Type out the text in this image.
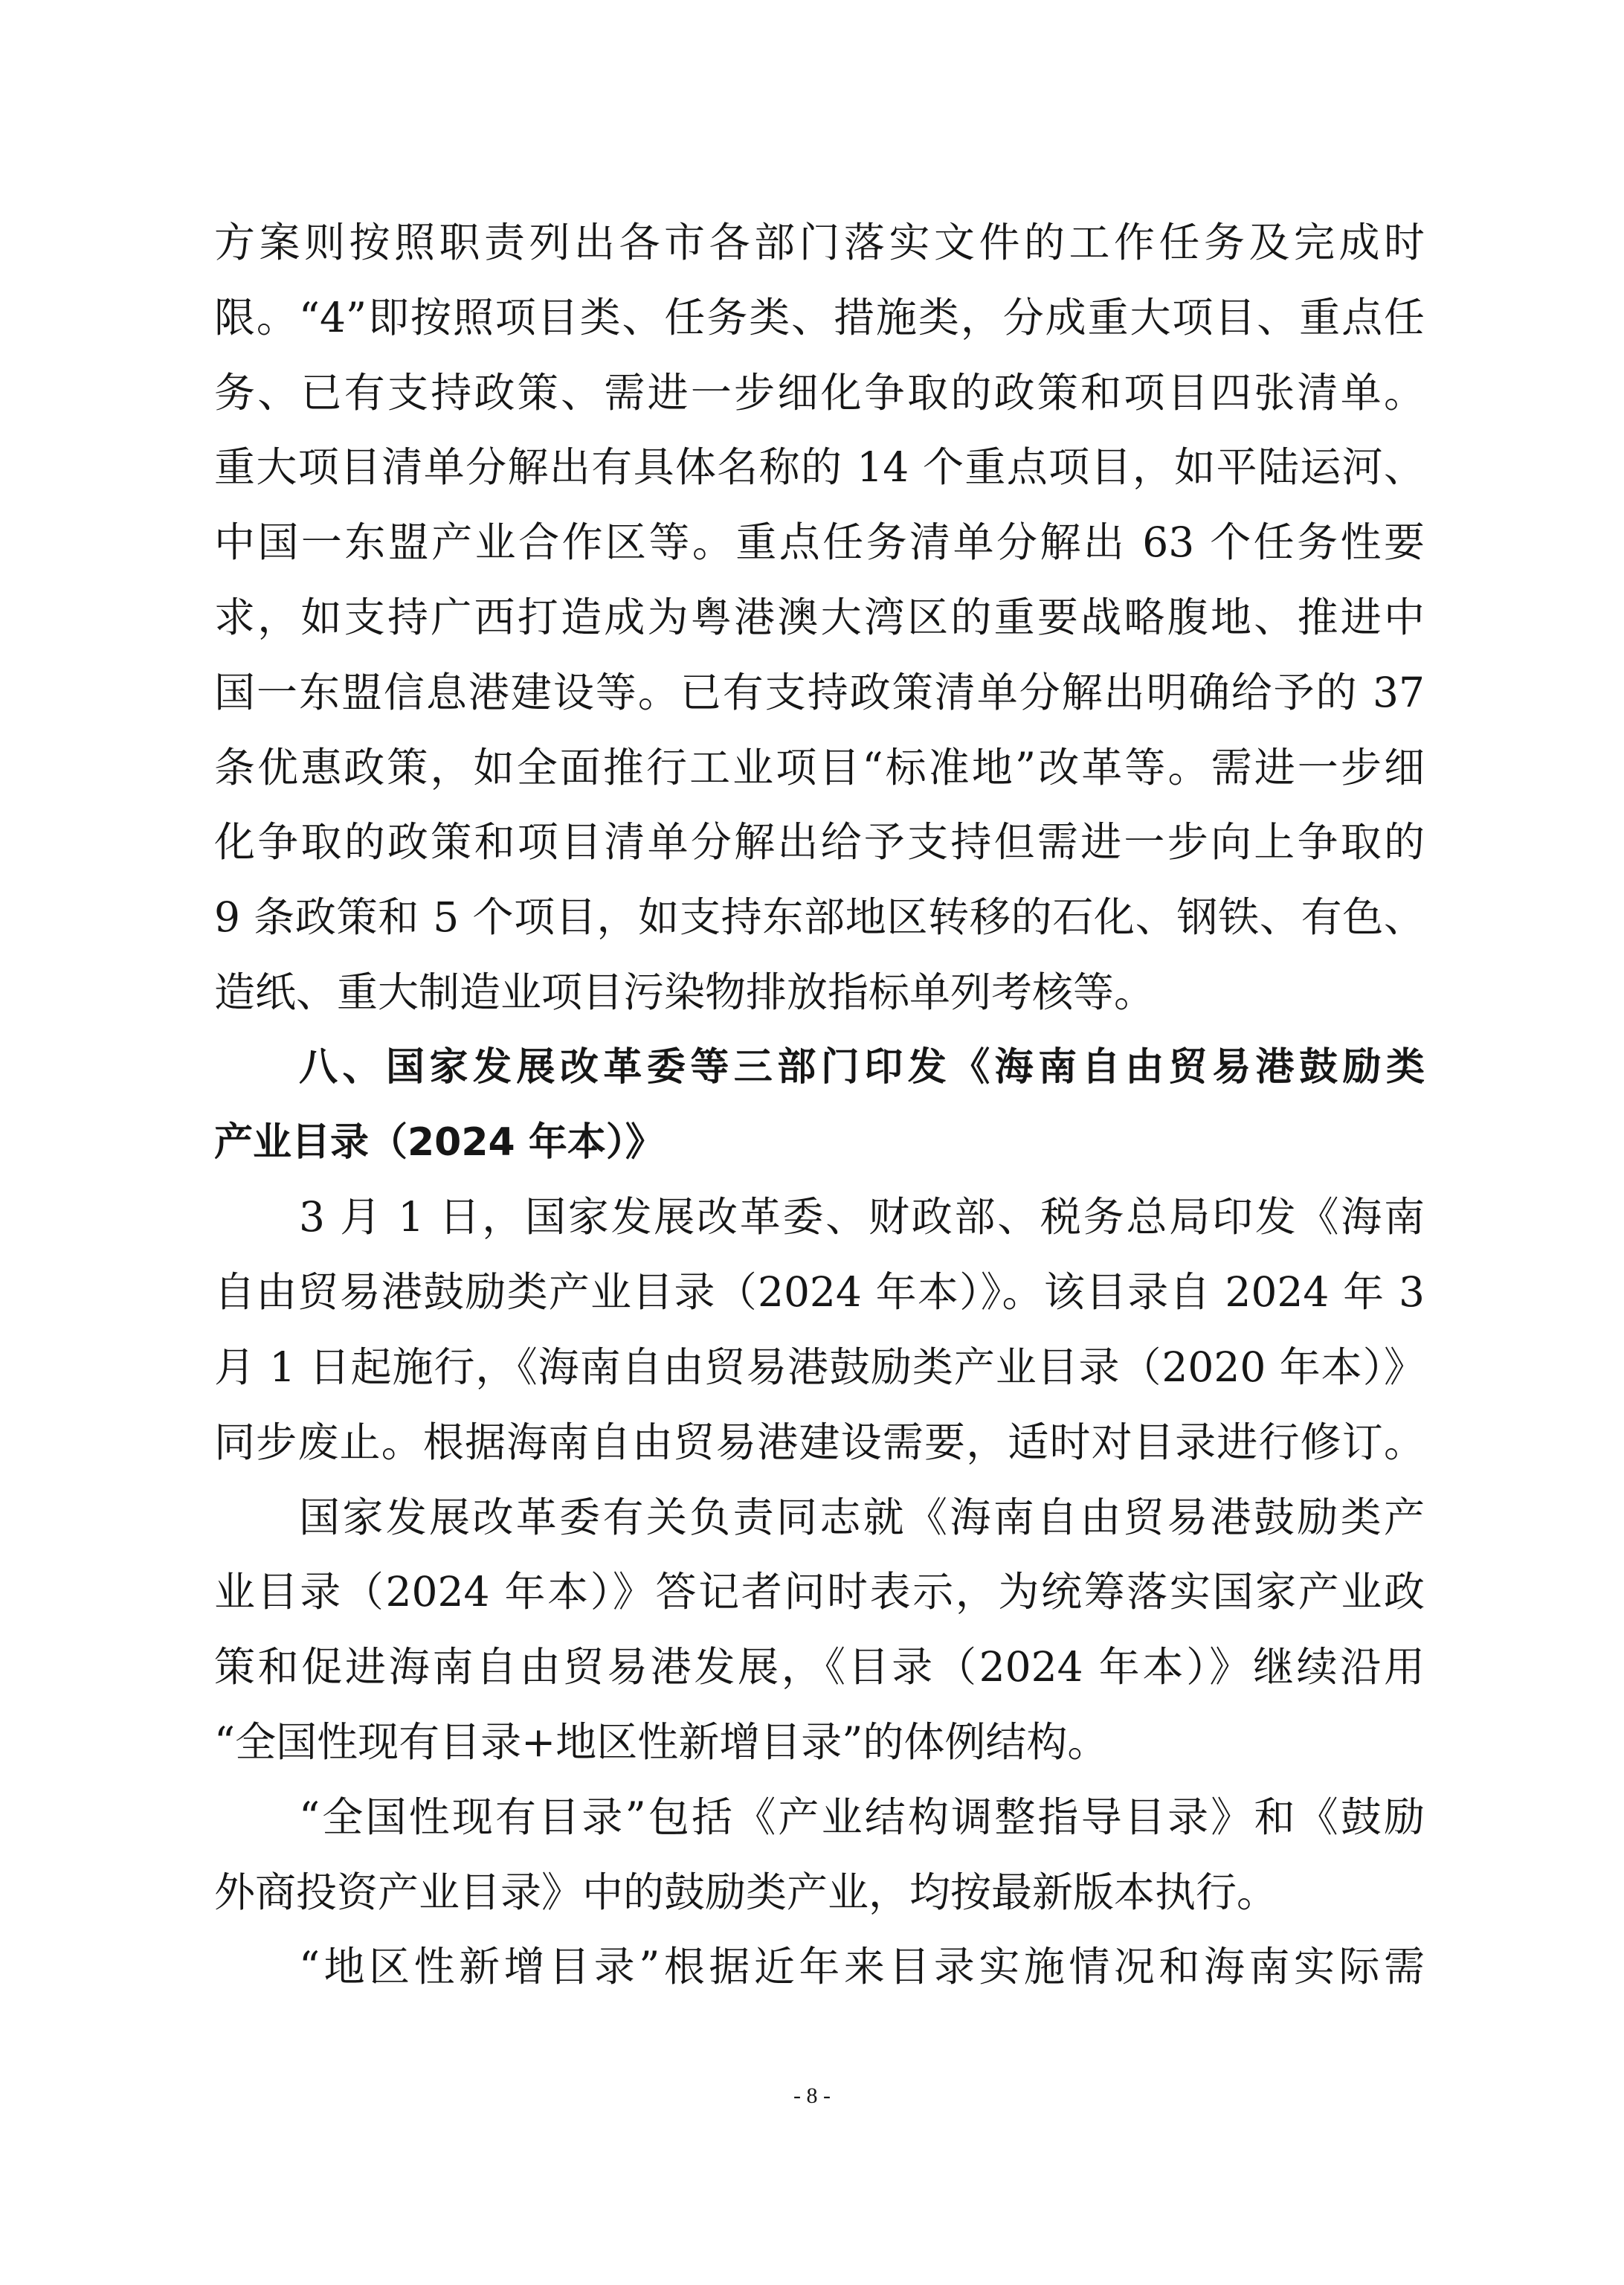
方案则按照职责列出各市各部门落实文件的工作任务及完成时
限。“4”即按照项目类、任务类、措施类，分成重大项目、重点任
务、已有支持政策、需进一步细化争取的政策和项目四张清单。
重大项目清单分解出有具体名称的 14 个重点项目，如平陆运河、
中国一东盟产业合作区等。重点任务清单分解出 63 个任务性要
求，如支持广西打造成为粤港澳大湾区的重要战略腹地、推进中
国一东盟信息港建设等。已有支持政策清单分解出明确给予的 37
条优惠政策，如全面推行工业项目“标准地”改革等。需进一步细
化争取的政策和项目清单分解出给予支持但需进一步向上争取的
9 条政策和 5 个项目，如支持东部地区转移的石化、钢铁、有色、
造纸、重大制造业项目污染物排放指标单列考核等。
八、国家发展改革委等三部门印发《海南自由贸易港鼓励类
产业目录（2024 年本）》
3 月 1 日，国家发展改革委、财政部、税务总局印发《海南
自由贸易港鼓励类产业目录（2024 年本）》。该目录自 2024 年 3
月 1 日起施行，《海南自由贸易港鼓励类产业目录（2020 年本）》
同步废止。根据海南自由贸易港建设需要，适时对目录进行修订。
国家发展改革委有关负责同志就《海南自由贸易港鼓励类产
业目录（2024 年本）》答记者问时表示，为统筹落实国家产业政
策和促进海南自由贸易港发展，《目录（2024 年本）》继续沿用
“全国性现有目录+地区性新增目录”的体例结构。
“全国性现有目录”包括《产业结构调整指导目录》和《鼓励
外商投资产业目录》中的鼓励类产业，均按最新版本执行。
“地区性新增目录”根据近年来目录实施情况和海南实际需
- 8 -
